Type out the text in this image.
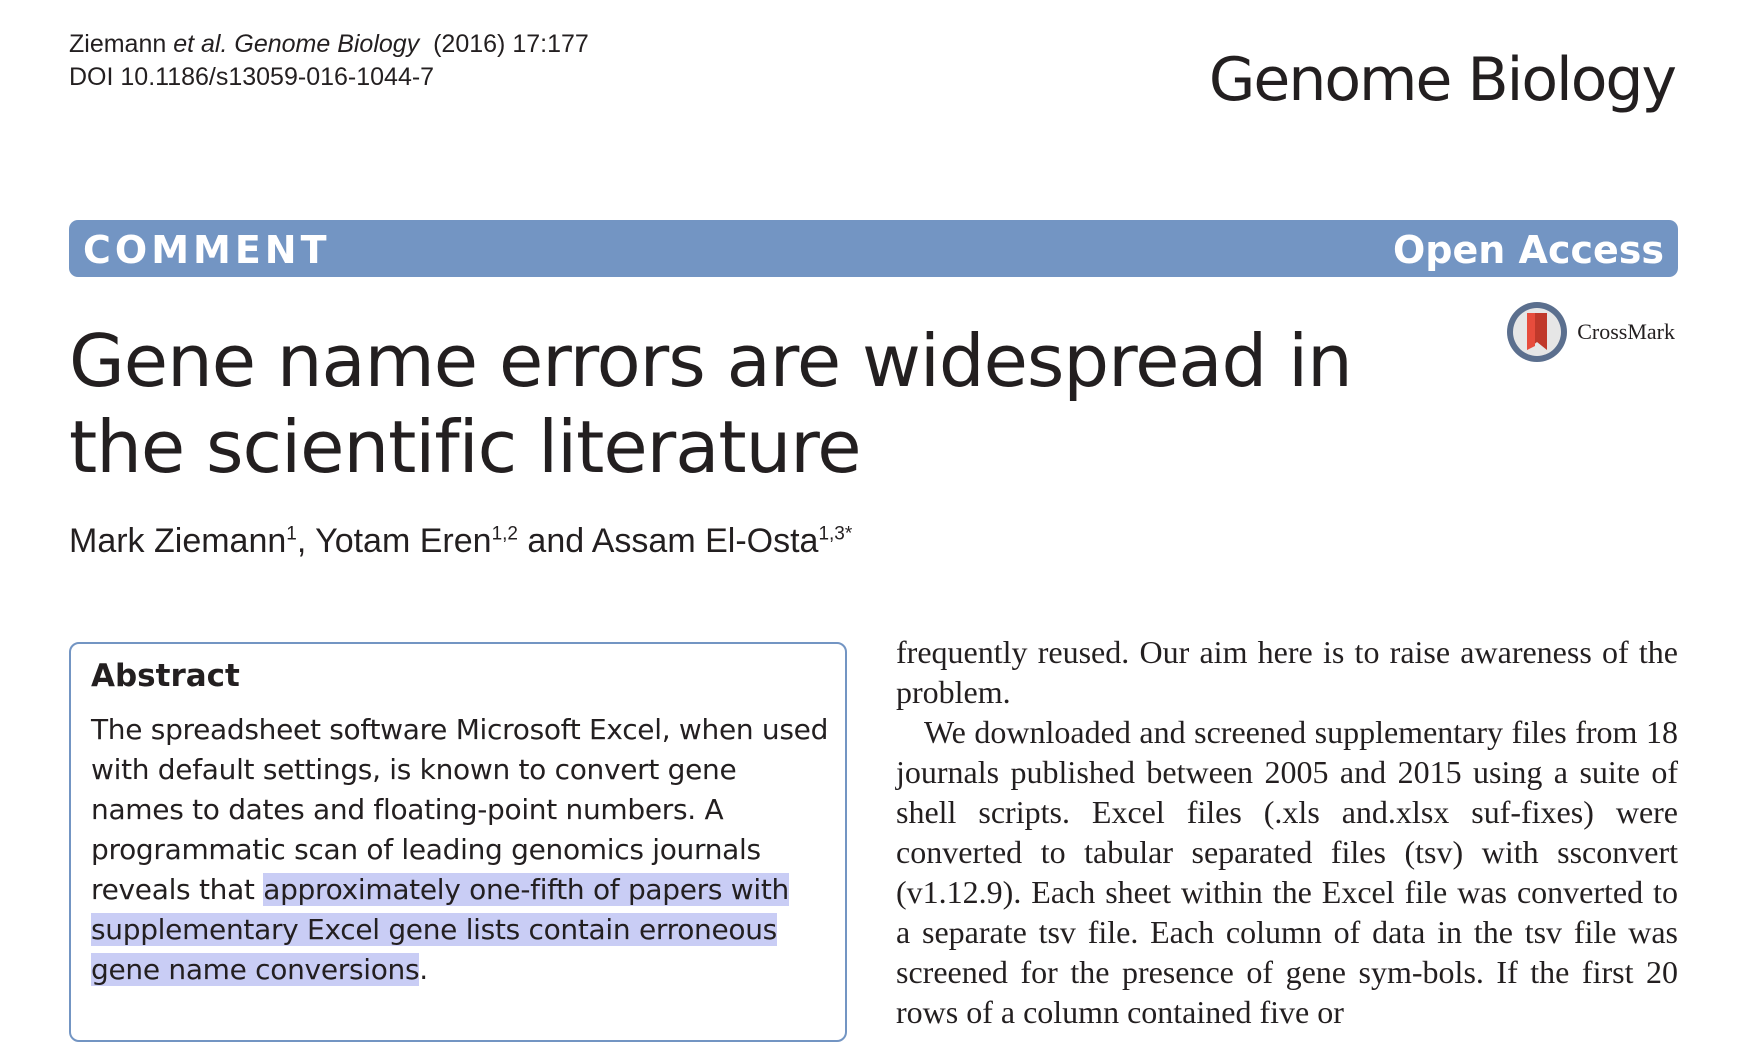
Ziemann et al. Genome Biology (2016) 17:177
DOI 10.1186/s13059-016-1044-7	Genome Biology
COMMENT	Open Access
CrossMark
Gene name errors are widespread in the scientific literature
Mark Ziemann$^1$, Yotam Eren$^{1,2}$ and Assam El-Osta$^{1,3*}$
Abstract

The spreadsheet software Microsoft Excel, when used with default settings, is known to convert gene names to dates and floating-point numbers. A programmatic scan of leading genomics journals reveals that approximately one-fifth of papers with supplementary Excel gene lists contain erroneous gene name conversions.

frequently reused. Our aim here is to raise awareness of the problem.

We downloaded and screened supplementary files from 18 journals published between 2005 and 2015 using a suite of shell scripts. Excel files (.xls and.xlsx suf-fixes) were converted to tabular separated files (tsv) with ssconvert (v1.12.9). Each sheet within the Excel file was converted to a separate tsv file. Each column of data in the tsv file was screened for the presence of gene sym-bols. If the first 20 rows of a column contained five or
